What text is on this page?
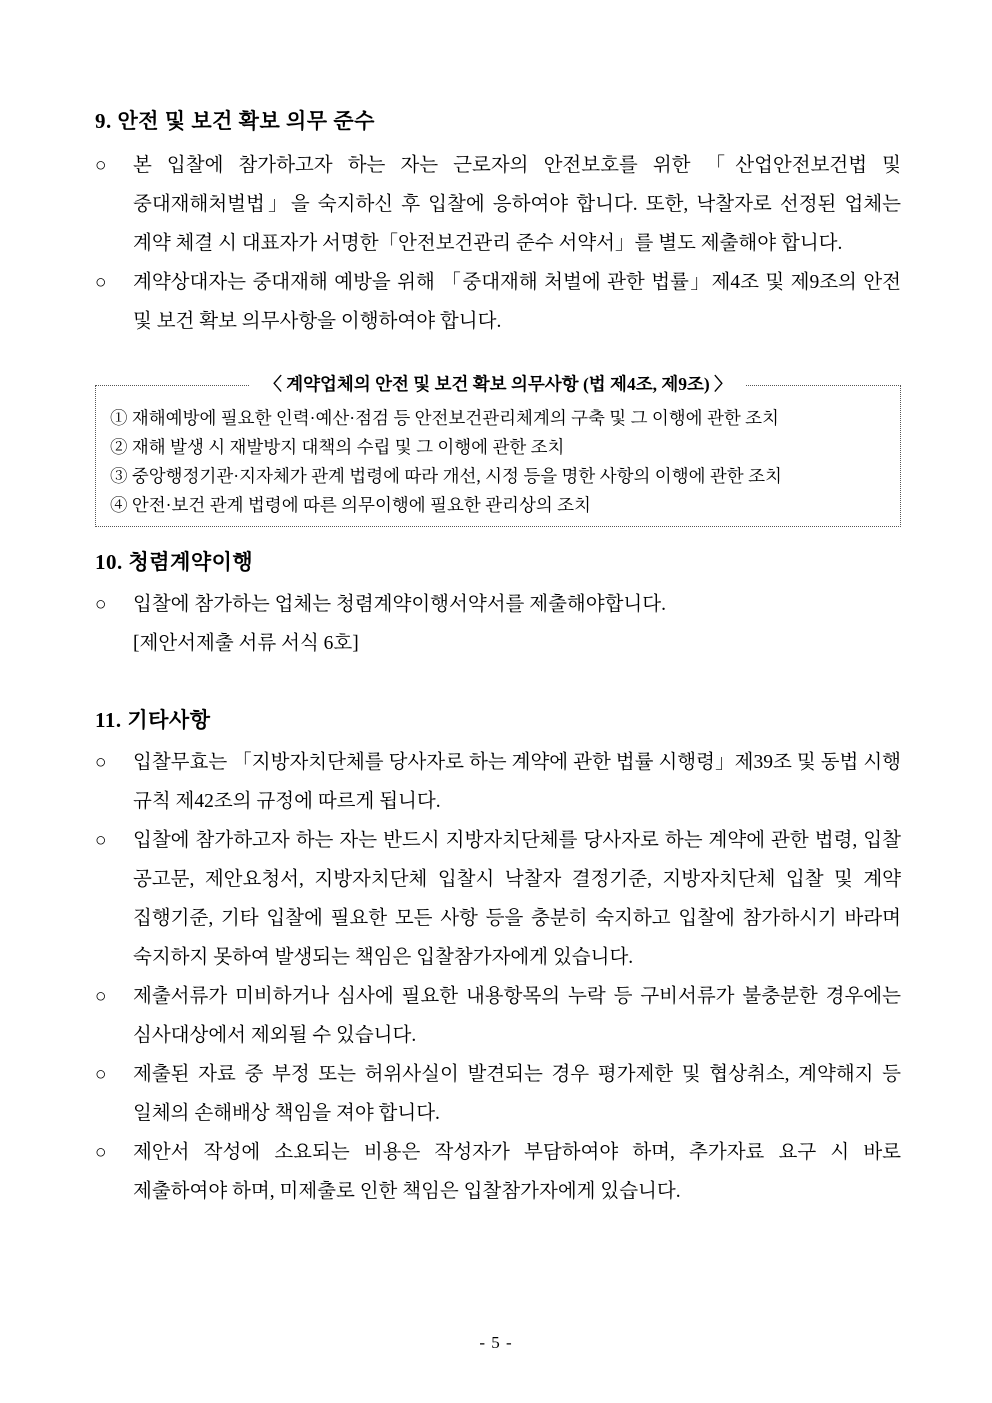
9. 안전 및 보건 확보 의무 준수
○ 본 입찰에 참가하고자 하는 자는 근로자의 안전보호를 위한 「산업안전보건법 및 중대재해처벌법」을 숙지하신 후 입찰에 응하여야 합니다. 또한, 낙찰자로 선정된 업체는 계약 체결 시 대표자가 서명한「안전보건관리 준수 서약서」를 별도 제출해야 합니다.
○ 계약상대자는 중대재해 예방을 위해 「중대재해 처벌에 관한 법률」제4조 및 제9조의 안전 및 보건 확보 의무사항을 이행하여야 합니다.
〈 계약업체의 안전 및 보건 확보 의무사항 (법 제4조, 제9조) 〉
① 재해예방에 필요한 인력·예산·점검 등 안전보건관리체계의 구축 및 그 이행에 관한 조치
② 재해 발생 시 재발방지 대책의 수립 및 그 이행에 관한 조치
③ 중앙행정기관·지자체가 관계 법령에 따라 개선, 시정 등을 명한 사항의 이행에 관한 조치
④ 안전·보건 관계 법령에 따른 의무이행에 필요한 관리상의 조치
10. 청렴계약이행
○ 입찰에 참가하는 업체는 청렴계약이행서약서를 제출해야합니다.
[제안서제출 서류 서식 6호]
11. 기타사항
○ 입찰무효는 「지방자치단체를 당사자로 하는 계약에 관한 법률 시행령」제39조 및 동법 시행 규칙 제42조의 규정에 따르게 됩니다.
○ 입찰에 참가하고자 하는 자는 반드시 지방자치단체를 당사자로 하는 계약에 관한 법령, 입찰 공고문, 제안요청서, 지방자치단체 입찰시 낙찰자 결정기준, 지방자치단체 입찰 및 계약 집행기준, 기타 입찰에 필요한 모든 사항 등을 충분히 숙지하고 입찰에 참가하시기 바라며 숙지하지 못하여 발생되는 책임은 입찰참가자에게 있습니다.
○ 제출서류가 미비하거나 심사에 필요한 내용항목의 누락 등 구비서류가 불충분한 경우에는 심사대상에서 제외될 수 있습니다.
○ 제출된 자료 중 부정 또는 허위사실이 발견되는 경우 평가제한 및 협상취소, 계약해지 등 일체의 손해배상 책임을 져야 합니다.
○ 제안서 작성에 소요되는 비용은 작성자가 부담하여야 하며, 추가자료 요구 시 바로 제출하여야 하며, 미제출로 인한 책임은 입찰참가자에게 있습니다.
- 5 -
